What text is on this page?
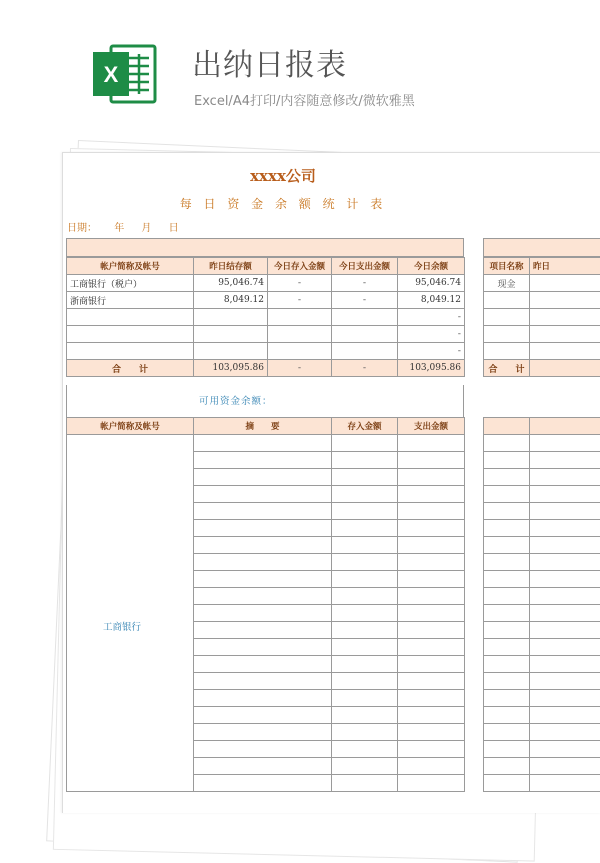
X 出纳日报表
Excel/A4打印/内容随意修改/微软雅黑
xxxx公司
每 日 资 金 余 额 统 计 表
日期： 年 月 日
帐户简称及帐号	昨日结存额	今日存入金额	今日支出金额	今日余额
工商银行（税户）	95,046.74	-	-	95,046.74
浙商银行	8,049.12	-	-	8,049.12
				-
				-
				-
合　　计	103,095.86	-	-	103,095.86
项目名称	昨日
现金	

合　　计	
可用资金余额：
帐户简称及帐号	摘　　要	存入金额	支出金额

工商银行
